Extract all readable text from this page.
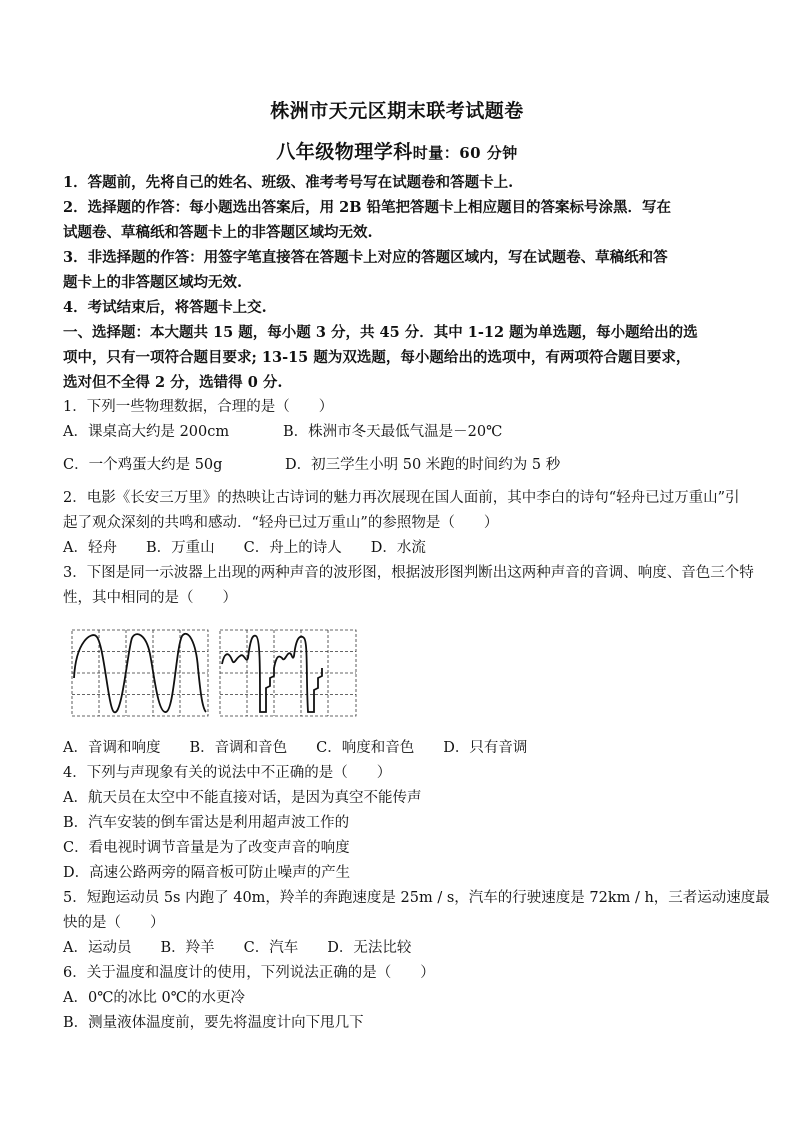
株洲市天元区期末联考试题卷
八年级物理学科时量：60 分钟
1．答题前，先将自己的姓名、班级、准考考号写在试题卷和答题卡上.
2．选择题的作答：每小题选出答案后，用 2B 铅笔把答题卡上相应题目的答案标号涂黑．写在
试题卷、草稿纸和答题卡上的非答题区域均无效.
3．非选择题的作答：用签字笔直接答在答题卡上对应的答题区域内，写在试题卷、草稿纸和答
题卡上的非答题区域均无效.
4．考试结束后，将答题卡上交.
一、选择题：本大题共 15 题，每小题 3 分，共 45 分．其中 1-12 题为单选题，每小题给出的选
项中，只有一项符合题目要求; 13-15 题为双选题，每小题给出的选项中，有两项符合题目要求，
选对但不全得 2 分，选错得 0 分.
1．下列一些物理数据，合理的是（　　）
A．课桌高大约是 200cm	B．株洲市冬天最低气温是－20℃
C．一个鸡蛋大约是 50g	D．初三学生小明 50 米跑的时间约为 5 秒
2．电影《长安三万里》的热映让古诗词的魅力再次展现在国人面前，其中李白的诗句“轻舟已过万重山”引
起了观众深刻的共鸣和感动．“轻舟已过万重山”的参照物是（　　）
A．轻舟　　B．万重山　　C．舟上的诗人　　D．水流
3．下图是同一示波器上出现的两种声音的波形图，根据波形图判断出这两种声音的音调、响度、音色三个特
性，其中相同的是（　　）
A．音调和响度　　B．音调和音色　　C．响度和音色　　D．只有音调
4．下列与声现象有关的说法中不正确的是（　　）
A．航天员在太空中不能直接对话，是因为真空不能传声
B．汽车安装的倒车雷达是利用超声波工作的
C．看电视时调节音量是为了改变声音的响度
D．高速公路两旁的隔音板可防止噪声的产生
5．短跑运动员 5s 内跑了 40m，羚羊的奔跑速度是 25m / s，汽车的行驶速度是 72km / h，三者运动速度最
快的是（　　）
A．运动员　　B．羚羊　　C．汽车　　D．无法比较
6．关于温度和温度计的使用，下列说法正确的是（　　）
A．0℃的冰比 0℃的水更冷
B．测量液体温度前，要先将温度计向下甩几下
